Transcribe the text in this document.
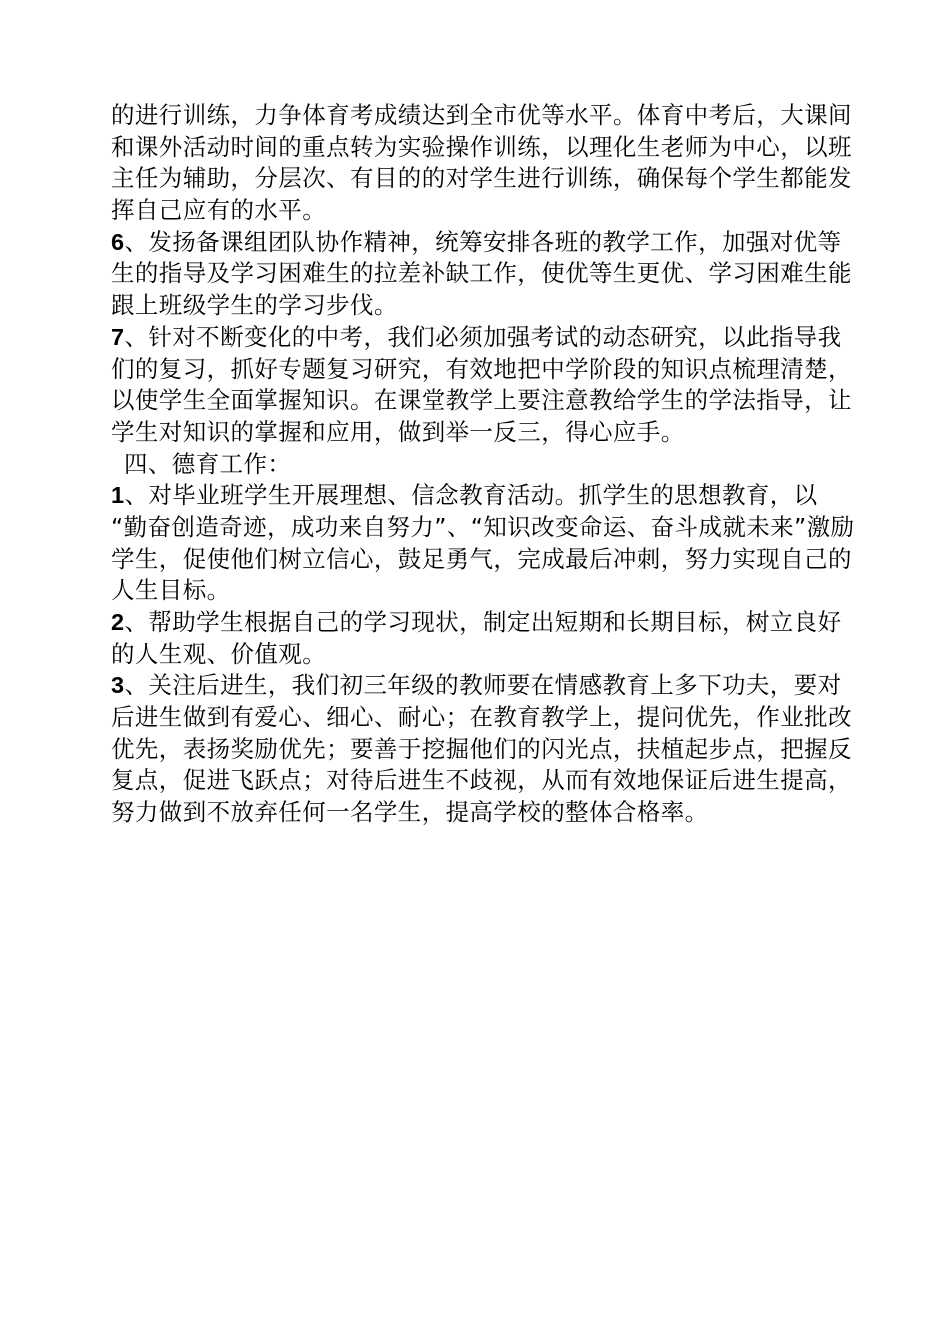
的进行训练，力争体育考成绩达到全市优等水平。体育中考后，大课间
和课外活动时间的重点转为实验操作训练，以理化生老师为中心，以班
主任为辅助，分层次、有目的的对学生进行训练，确保每个学生都能发
挥自己应有的水平。
6、发扬备课组团队协作精神，统筹安排各班的教学工作，加强对优等
生的指导及学习困难生的拉差补缺工作，使优等生更优、学习困难生能
跟上班级学生的学习步伐。
7、针对不断变化的中考，我们必须加强考试的动态研究，以此指导我
们的复习，抓好专题复习研究，有效地把中学阶段的知识点梳理清楚，
以使学生全面掌握知识。在课堂教学上要注意教给学生的学法指导，让
学生对知识的掌握和应用，做到举一反三，得心应手。
四、德育工作：
1、对毕业班学生开展理想、信念教育活动。抓学生的思想教育，以
“勤奋创造奇迹，成功来自努力”、“知识改变命运、奋斗成就未来”激励
学生，促使他们树立信心，鼓足勇气，完成最后冲刺，努力实现自己的
人生目标。
2、帮助学生根据自己的学习现状，制定出短期和长期目标，树立良好
的人生观、价值观。
3、关注后进生，我们初三年级的教师要在情感教育上多下功夫，要对
后进生做到有爱心、细心、耐心；在教育教学上，提问优先，作业批改
优先，表扬奖励优先；要善于挖掘他们的闪光点，扶植起步点，把握反
复点，促进飞跃点；对待后进生不歧视，从而有效地保证后进生提高，
努力做到不放弃任何一名学生，提高学校的整体合格率。
